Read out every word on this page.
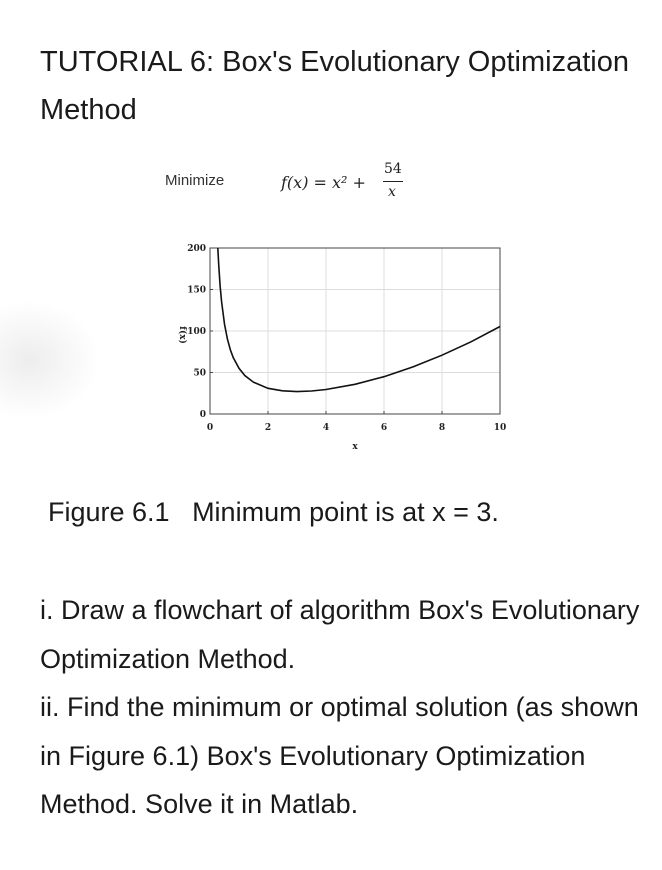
TUTORIAL 6: Box's Evolutionary Optimization Method
Minimize	f(x) = x² +
54
x
0	2	4	6	8	10
0
50
100
150
200
x
f(x)

Figure 6.1   Minimum point is at x = 3.

i. Draw a flowchart of algorithm Box's Evolutionary Optimization Method.

ii. Find the minimum or optimal solution (as shown in Figure 6.1) Box's Evolutionary Optimization Method. Solve it in Matlab.
